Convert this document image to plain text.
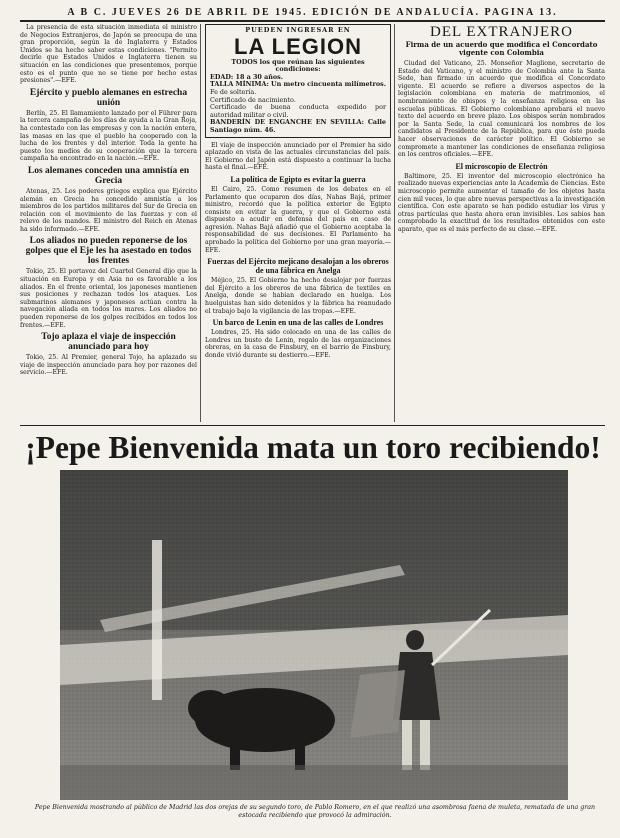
A B C. JUEVES 26 DE ABRIL DE 1945. EDICIÓN DE ANDALUCÍA. PAGINA 13.

La presencia de esta situación inmediata el ministro de Negocios Extranjeros, de Japón se preocupa de una gran proporción, según la de Inglaterra y Estados Unidos se ha hecho saber estas condiciones. "Permito decirle que Estados Unidos e Inglaterra tienen su situación en las condiciones que presentemos, porque esto es el punto que no se tiene por hecho estas presiones".—EFE.

Ejército y pueblo alemanes en estrecha unión

Berlín, 25. El llamamiento lanzado por el Führer para la tercera campaña de los días de ayuda a la Gran Roja, ha contestado con las empresas y con la nación entera, las masas en las que el pueblo ha cooperado con la lucha de los frentes y del interior. Toda la gente ha puesto los medios de su cooperación que la tercera campaña ha encontrado en la nación.—EFE.

Los alemanes conceden una amnistía en Grecia

Atenas, 25. Los poderes griegos explica que Ejército alemán en Grecia ha concedido amnistía a los miembros de los partidos militares del Sur de Grecia en relación con el movimiento de las fuerzas y con el relevo de los mandos. El ministro del Reich en Atenas ha sido informado.—EFE.

Los aliados no pueden reponerse de los golpes que el Eje les ha asestado en todos los frentes

Tokio, 25. El portavoz del Cuartel General dijo que la situación en Europa y en Asia no es favorable a los aliados. En el frente oriental, los japoneses mantienen sus posiciones y rechazan todos los ataques. Los submarinos alemanes y japoneses actúan contra la navegación aliada en todos los mares. Los aliados no pueden reponerse de los golpes recibidos en todos los frentes.—EFE.

Tojo aplaza el viaje de inspección anunciado para hoy

Tokio, 25. Al Premier, general Tojo, ha aplazado su viaje de inspección anunciado para hoy por razones del servicio.—EFE.

PUEDEN INGRESAR EN
LA LEGION

TODOS los que reúnan las siguientes condiciones:

EDAD: 18 a 30 años.

TALLA MÍNIMA: Un metro cincuenta milímetros.

Fe de soltería.

Certificado de nacimiento.

Certificado de buena conducta expedido por autoridad militar o civil.

BANDERÍN DE ENGANCHE EN SEVILLA: Calle Santiago núm. 46.

El viaje de inspección anunciado por el Premier ha sido aplazado en vista de las actuales circunstancias del país. El Gobierno del Japón está dispuesto a continuar la lucha hasta el final.—EFE.

La política de Egipto es evitar la guerra

El Cairo, 25. Como resumen de los debates en el Parlamento que ocuparon dos días, Nahas Bajá, primer ministro, recordó que la política exterior de Egipto consiste en evitar la guerra, y que el Gobierno está dispuesto a acudir en defensa del país en caso de agresión. Nahas Bajá añadió que el Gobierno aceptaba la responsabilidad de sus decisiones. El Parlamento ha aprobado la política del Gobierno por una gran mayoría.—EFE.

Fuerzas del Ejército mejicano desalojan a los obreros de una fábrica en Anelga

Méjico, 25. El Gobierno ha hecho desalojar por fuerzas del Ejército a los obreros de una fábrica de textiles en Anelga, donde se habían declarado en huelga. Los huelguistas han sido detenidos y la fábrica ha reanudado el trabajo bajo la vigilancia de las tropas.—EFE.

Un barco de Lenin en una de las calles de Londres

Londres, 25. Ha sido colocado en una de las calles de Londres un busto de Lenin, regalo de las organizaciones obreras, en la casa de Finsbury, en el barrio de Finsbury, donde vivió durante su destierro.—EFE.

DEL EXTRANJERO
Firma de un acuerdo que modifica el Concordato vigente con Colombia

Ciudad del Vaticano, 25. Monseñor Maglione, secretario de Estado del Vaticano, y el ministro de Colombia ante la Santa Sede, han firmado un acuerdo que modifica el Concordato vigente. El acuerdo se refiere a diversos aspectos de la legislación colombiana en materia de matrimonios, el nombramiento de obispos y la enseñanza religiosa en las escuelas públicas. El Gobierno colombiano aprobará el nuevo texto del acuerdo en breve plazo. Los obispos serán nombrados por la Santa Sede, la cual comunicará los nombres de los candidatos al Presidente de la República, para que éste pueda hacer observaciones de carácter político. El Gobierno se compromete a mantener las condiciones de enseñanza religiosa en los centros oficiales.—EFE.

El microscopio de Electrón

Baltimore, 25. El inventor del microscopio electrónico ha realizado nuevas experiencias ante la Academia de Ciencias. Este microscopio permite aumentar el tamaño de los objetos hasta cien mil veces, lo que abre nuevas perspectivas a la investigación científica. Con este aparato se han podido estudiar los virus y otras partículas que hasta ahora eran invisibles. Los sabios han comprobado la exactitud de los resultados obtenidos con este aparato, que es el más perfecto de su clase.—EFE.

¡Pepe Bienvenida mata un toro recibiendo!
Pepe Bienvenida mostrando al público de Madrid las dos orejas de su segundo toro, de Pablo Romero, en el que realizó una asombrosa faena de muleta, rematada de una gran estocada recibiendo que provocó la admiración.
